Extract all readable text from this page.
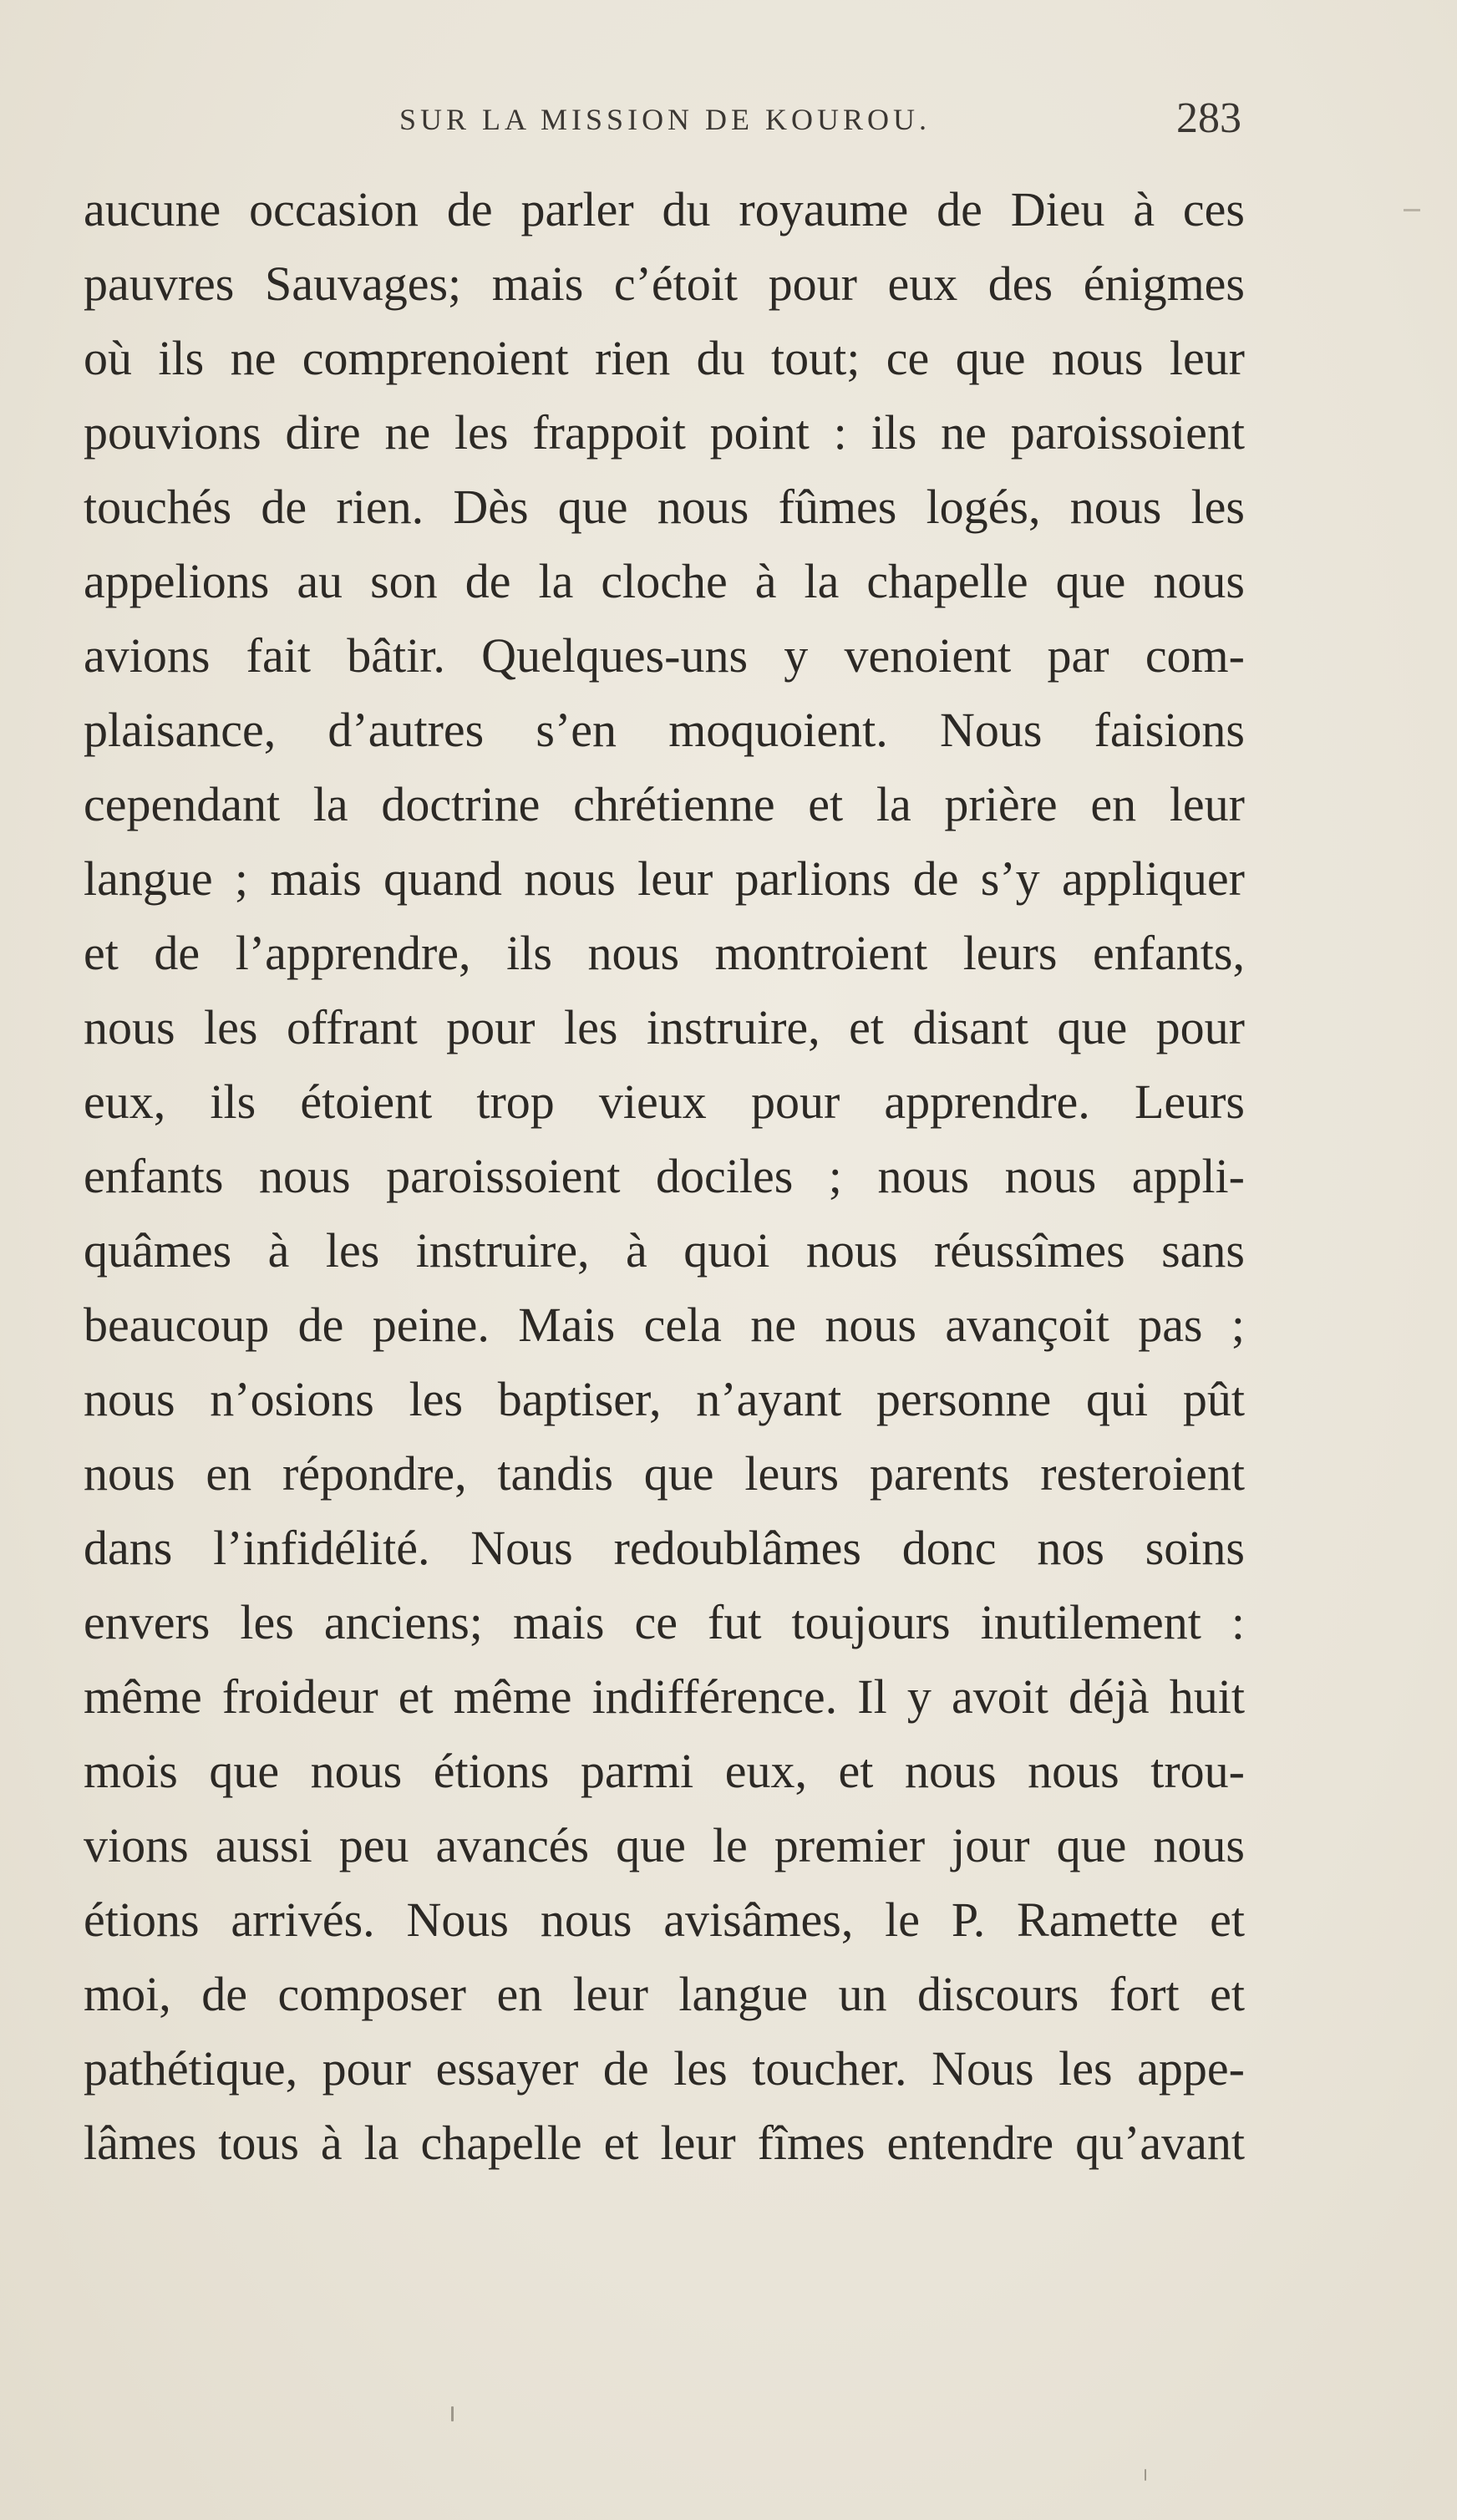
SUR LA MISSION DE KOUROU.	283
aucune occasion de parler du royaume de Dieu à ces
pauvres Sauvages; mais c’étoit pour eux des énigmes
où ils ne comprenoient rien du tout; ce que nous leur
pouvions dire ne les frappoit point : ils ne paroissoient
touchés de rien. Dès que nous fûmes logés, nous les
appelions au son de la cloche à la chapelle que nous
avions fait bâtir. Quelques-uns y venoient par com-
plaisance, d’autres s’en moquoient. Nous faisions
cependant la doctrine chrétienne et la prière en leur
langue ; mais quand nous leur parlions de s’y appliquer
et de l’apprendre, ils nous montroient leurs enfants,
nous les offrant pour les instruire, et disant que pour
eux, ils étoient trop vieux pour apprendre. Leurs
enfants nous paroissoient dociles ; nous nous appli-
quâmes à les instruire, à quoi nous réussîmes sans
beaucoup de peine. Mais cela ne nous avançoit pas ;
nous n’osions les baptiser, n’ayant personne qui pût
nous en répondre, tandis que leurs parents resteroient
dans l’infidélité. Nous redoublâmes donc nos soins
envers les anciens; mais ce fut toujours inutilement :
même froideur et même indifférence. Il y avoit déjà huit
mois que nous étions parmi eux, et nous nous trou-
vions aussi peu avancés que le premier jour que nous
étions arrivés. Nous nous avisâmes, le P. Ramette et
moi, de composer en leur langue un discours fort et
pathétique, pour essayer de les toucher. Nous les appe-
lâmes tous à la chapelle et leur fîmes entendre qu’avant
